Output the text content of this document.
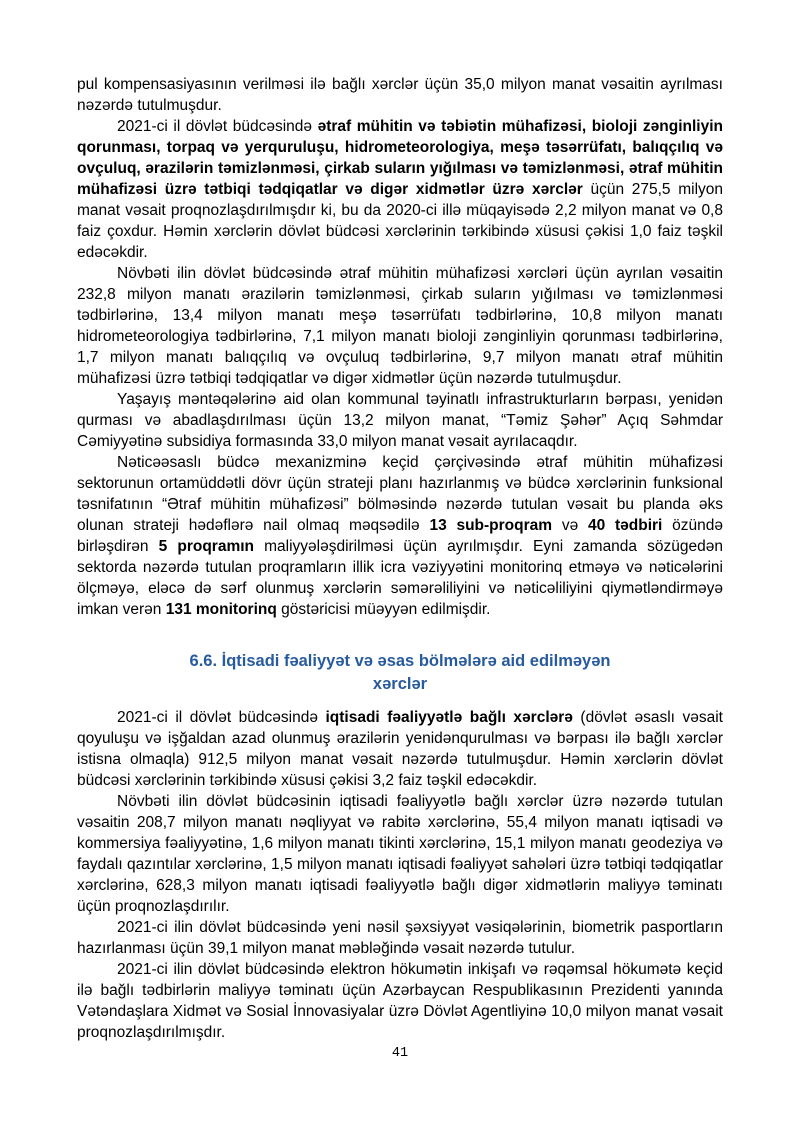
pul kompensasiyasının verilməsi ilə bağlı xərclər üçün 35,0 milyon manat vəsaitin ayrılması nəzərdə tutulmuşdur.

2021-ci il dövlət büdcəsində ətraf mühitin və təbiətin mühafizəsi, bioloji zənginliyin qorunması, torpaq və yerquruluşu, hidrometeorologiya, meşə təsərrüfatı, balıqçılıq və ovçuluq, ərazilərin təmizlənməsi, çirkab suların yığılması və təmizlənməsi, ətraf mühitin mühafizəsi üzrə tətbiqi tədqiqatlar və digər xidmətlər üzrə xərclər üçün 275,5 milyon manat vəsait proqnozlaşdırılmışdır ki, bu da 2020-ci illə müqayisədə 2,2 milyon manat və 0,8 faiz çoxdur. Həmin xərclərin dövlət büdcəsi xərclərinin tərkibində xüsusi çəkisi 1,0 faiz təşkil edəcəkdir.

Növbəti ilin dövlət büdcəsində ətraf mühitin mühafizəsi xərcləri üçün ayrılan vəsaitin 232,8 milyon manatı ərazilərin təmizlənməsi, çirkab suların yığılması və təmizlənməsi tədbirlərinə, 13,4 milyon manatı meşə təsərrüfatı tədbirlərinə, 10,8 milyon manatı hidrometeorologiya tədbirlərinə, 7,1 milyon manatı bioloji zənginliyin qorunması tədbirlərinə, 1,7 milyon manatı balıqçılıq və ovçuluq tədbirlərinə, 9,7 milyon manatı ətraf mühitin mühafizəsi üzrə tətbiqi tədqiqatlar və digər xidmətlər üçün nəzərdə tutulmuşdur.

Yaşayış məntəqələrinə aid olan kommunal təyinatlı infrastrukturların bərpası, yenidən qurması və abadlaşdırılması üçün 13,2 milyon manat, “Təmiz Şəhər” Açıq Səhmdar Cəmiyyətinə subsidiya formasında 33,0 milyon manat vəsait ayrılacaqdır.

Nəticəəsaslı büdcə mexanizminə keçid çərçivəsində ətraf mühitin mühafizəsi sektorunun ortamüddətli dövr üçün strateji planı hazırlanmış və büdcə xərclərinin funksional təsnifatının “Ətraf mühitin mühafizəsi” bölməsində nəzərdə tutulan vəsait bu planda əks olunan strateji hədəflərə nail olmaq məqsədilə 13 sub-proqram və 40 tədbiri özündə birləşdirən 5 proqramın maliyyələşdirilməsi üçün ayrılmışdır. Eyni zamanda sözügedən sektorda nəzərdə tutulan proqramların illik icra vəziyyətini monitorinq etməyə və nəticələrini ölçməyə, eləcə də sərf olunmuş xərclərin səmərəliliyini və nəticəliliyini qiymətləndirməyə imkan verən 131 monitorinq göstəricisi müəyyən edilmişdir.

6.6. İqtisadi fəaliyyət və əsas bölmələrə aid edilməyən
xərclər

2021-ci il dövlət büdcəsində iqtisadi fəaliyyətlə bağlı xərclərə (dövlət əsaslı vəsait qoyuluşu və işğaldan azad olunmuş ərazilərin yenidənqurulması və bərpası ilə bağlı xərclər istisna olmaqla) 912,5 milyon manat vəsait nəzərdə tutulmuşdur. Həmin xərclərin dövlət büdcəsi xərclərinin tərkibində xüsusi çəkisi 3,2 faiz təşkil edəcəkdir.

Növbəti ilin dövlət büdcəsinin iqtisadi fəaliyyətlə bağlı xərclər üzrə nəzərdə tutulan vəsaitin 208,7 milyon manatı nəqliyyat və rabitə xərclərinə, 55,4 milyon manatı iqtisadi və kommersiya fəaliyyətinə, 1,6 milyon manatı tikinti xərclərinə, 15,1 milyon manatı geodeziya və faydalı qazıntılar xərclərinə, 1,5 milyon manatı iqtisadi fəaliyyət sahələri üzrə tətbiqi tədqiqatlar xərclərinə, 628,3 milyon manatı iqtisadi fəaliyyətlə bağlı digər xidmətlərin maliyyə təminatı üçün proqnozlaşdırılır.

2021-ci ilin dövlət büdcəsində yeni nəsil şəxsiyyət vəsiqələrinin, biometrik pasportların hazırlanması üçün 39,1 milyon manat məbləğində vəsait nəzərdə tutulur.

2021-ci ilin dövlət büdcəsində elektron hökumətin inkişafı və rəqəmsal hökumətə keçid ilə bağlı tədbirlərin maliyyə təminatı üçün Azərbaycan Respublikasının Prezidenti yanında Vətəndaşlara Xidmət və Sosial İnnovasiyalar üzrə Dövlət Agentliyinə 10,0 milyon manat vəsait proqnozlaşdırılmışdır.

41
